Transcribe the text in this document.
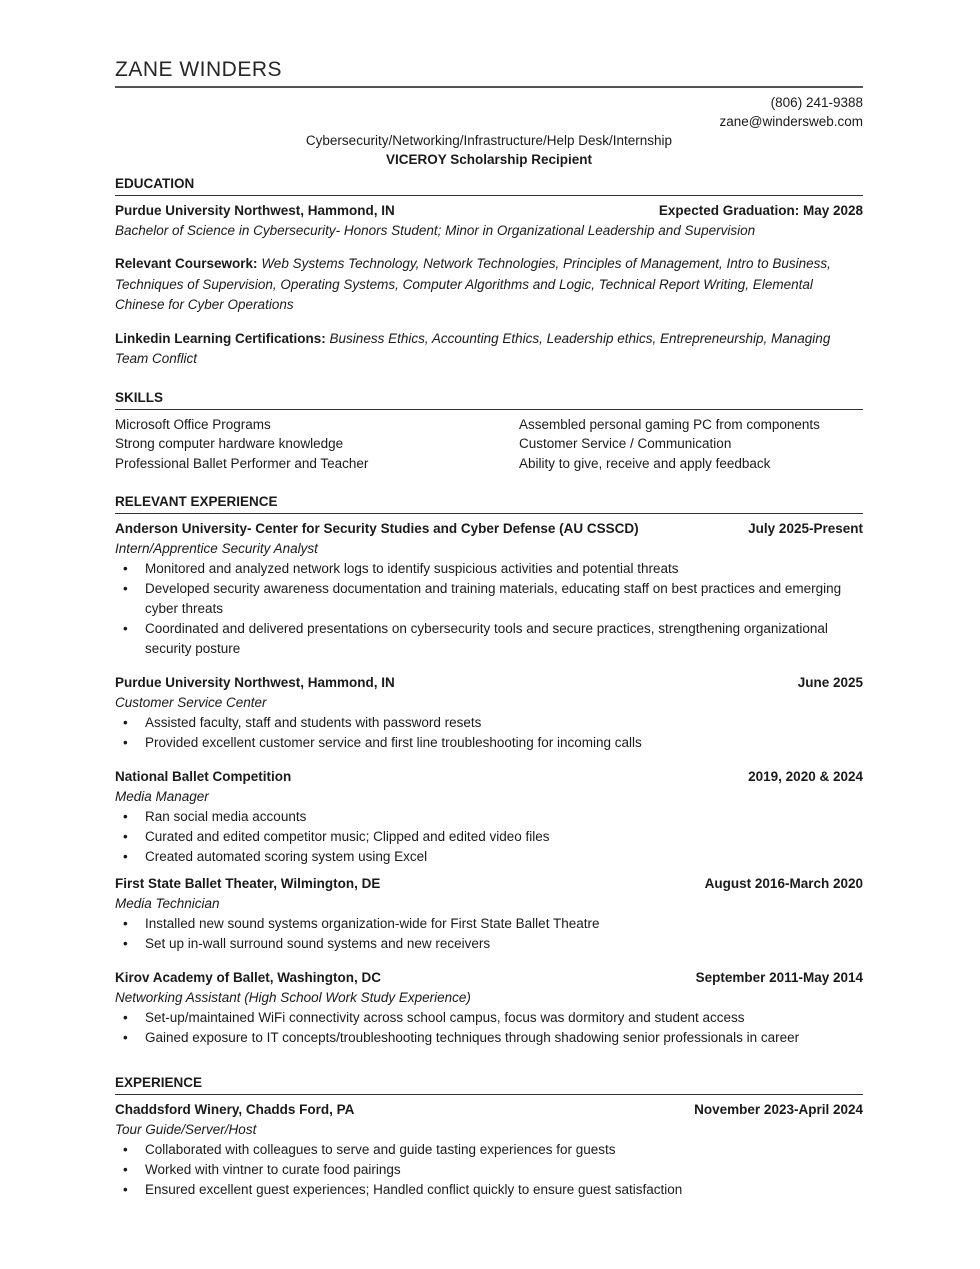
ZANE WINDERS
(806) 241-9388
zane@windersweb.com
Cybersecurity/Networking/Infrastructure/Help Desk/Internship
VICEROY Scholarship Recipient
EDUCATION
Purdue University Northwest, Hammond, IN	Expected Graduation: May 2028
Bachelor of Science in Cybersecurity- Honors Student; Minor in Organizational Leadership and Supervision

Relevant Coursework: Web Systems Technology, Network Technologies, Principles of Management, Intro to Business, Techniques of Supervision, Operating Systems, Computer Algorithms and Logic, Technical Report Writing, Elemental Chinese for Cyber Operations

Linkedin Learning Certifications: Business Ethics, Accounting Ethics, Leadership ethics, Entrepreneurship, Managing Team Conflict

SKILLS
Microsoft Office Programs	Assembled personal gaming PC from components
Strong computer hardware knowledge	Customer Service / Communication
Professional Ballet Performer and Teacher	Ability to give, receive and apply feedback
RELEVANT EXPERIENCE
Anderson University- Center for Security Studies and Cyber Defense (AU CSSCD)	July 2025-Present
Intern/Apprentice Security Analyst
•
Monitored and analyzed network logs to identify suspicious activities and potential threats
•
Developed security awareness documentation and training materials, educating staff on best practices and emerging cyber threats
•
Coordinated and delivered presentations on cybersecurity tools and secure practices, strengthening organizational security posture
Purdue University Northwest, Hammond, IN	June 2025
Customer Service Center
•
Assisted faculty, staff and students with password resets
•
Provided excellent customer service and first line troubleshooting for incoming calls
National Ballet Competition	2019, 2020 & 2024
Media Manager
•
Ran social media accounts
•
Curated and edited competitor music; Clipped and edited video files
•
Created automated scoring system using Excel
First State Ballet Theater, Wilmington, DE	August 2016-March 2020
Media Technician
•
Installed new sound systems organization-wide for First State Ballet Theatre
•
Set up in-wall surround sound systems and new receivers
Kirov Academy of Ballet, Washington, DC	September 2011-May 2014
Networking Assistant (High School Work Study Experience)
•
Set-up/maintained WiFi connectivity across school campus, focus was dormitory and student access
•
Gained exposure to IT concepts/troubleshooting techniques through shadowing senior professionals in career
EXPERIENCE
Chaddsford Winery, Chadds Ford, PA	November 2023-April 2024
Tour Guide/Server/Host
•
Collaborated with colleagues to serve and guide tasting experiences for guests
•
Worked with vintner to curate food pairings
•
Ensured excellent guest experiences; Handled conflict quickly to ensure guest satisfaction
